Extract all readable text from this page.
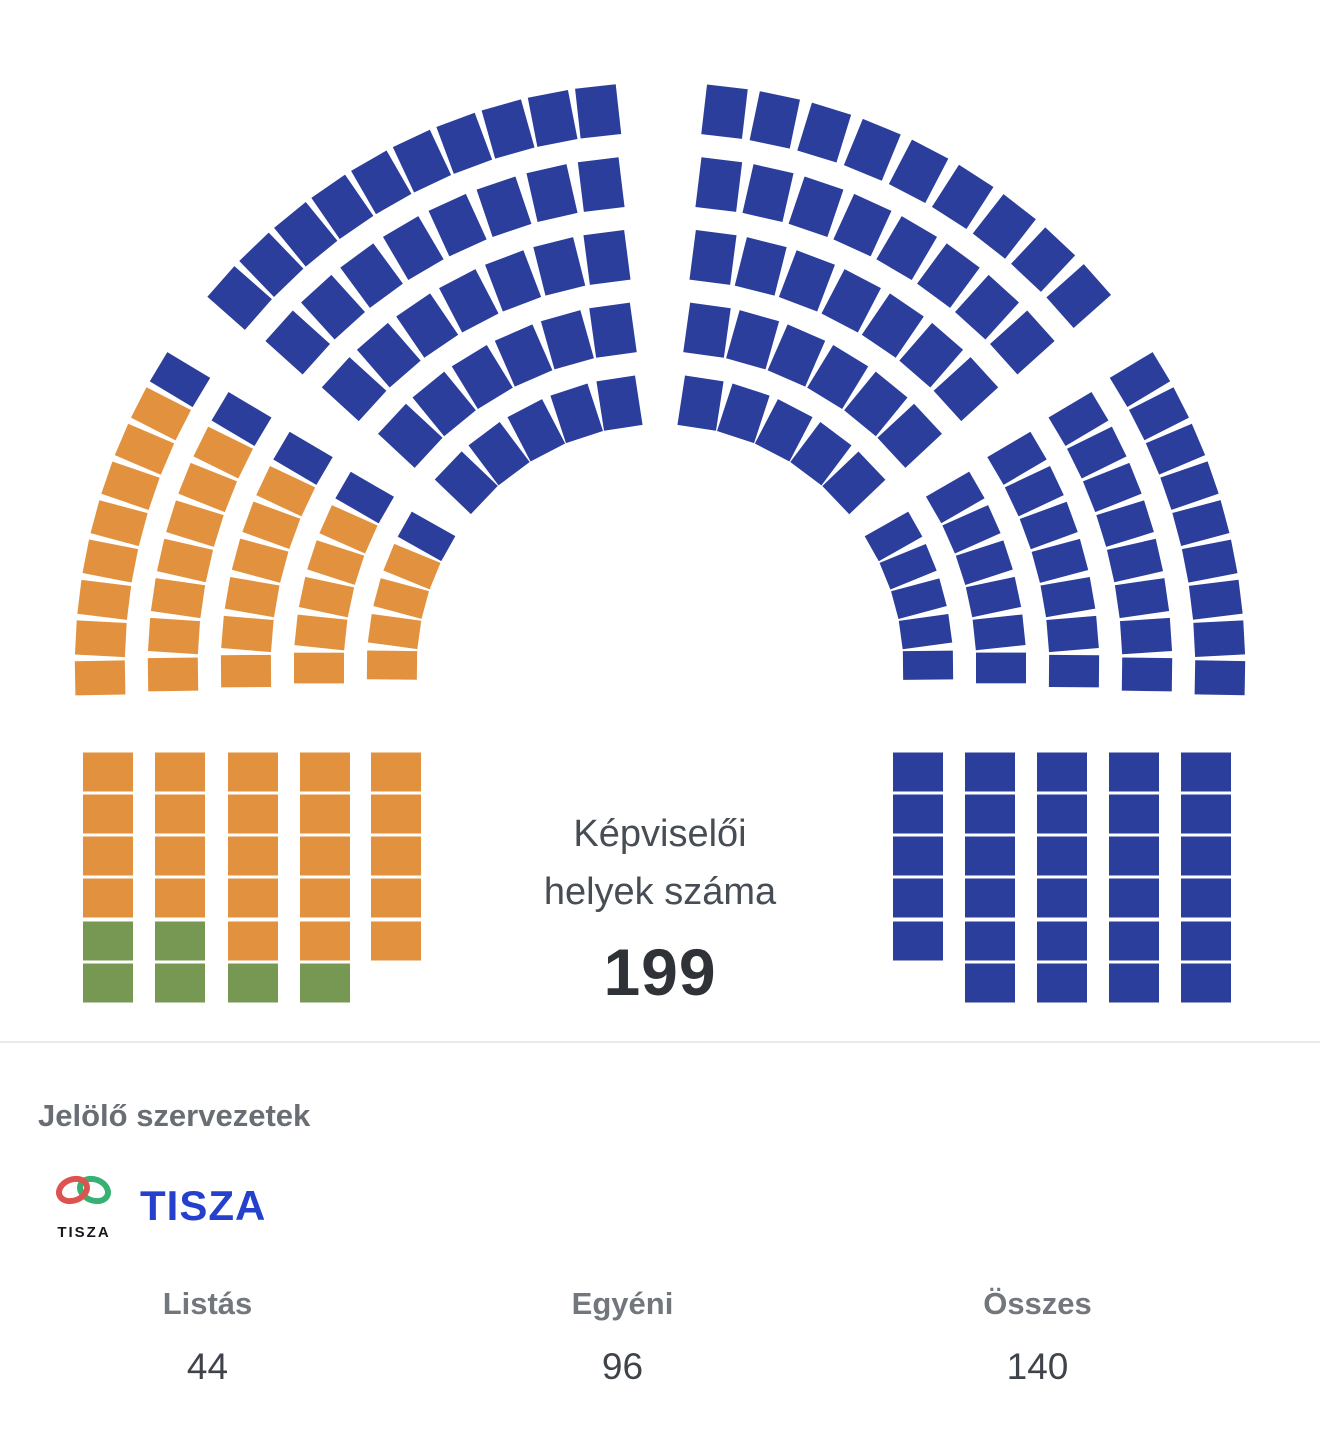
Képviselői
helyek száma
199
Jelölő szervezetek
TISZA
TISZA
Listás
44
Egyéni
96
Összes
140
